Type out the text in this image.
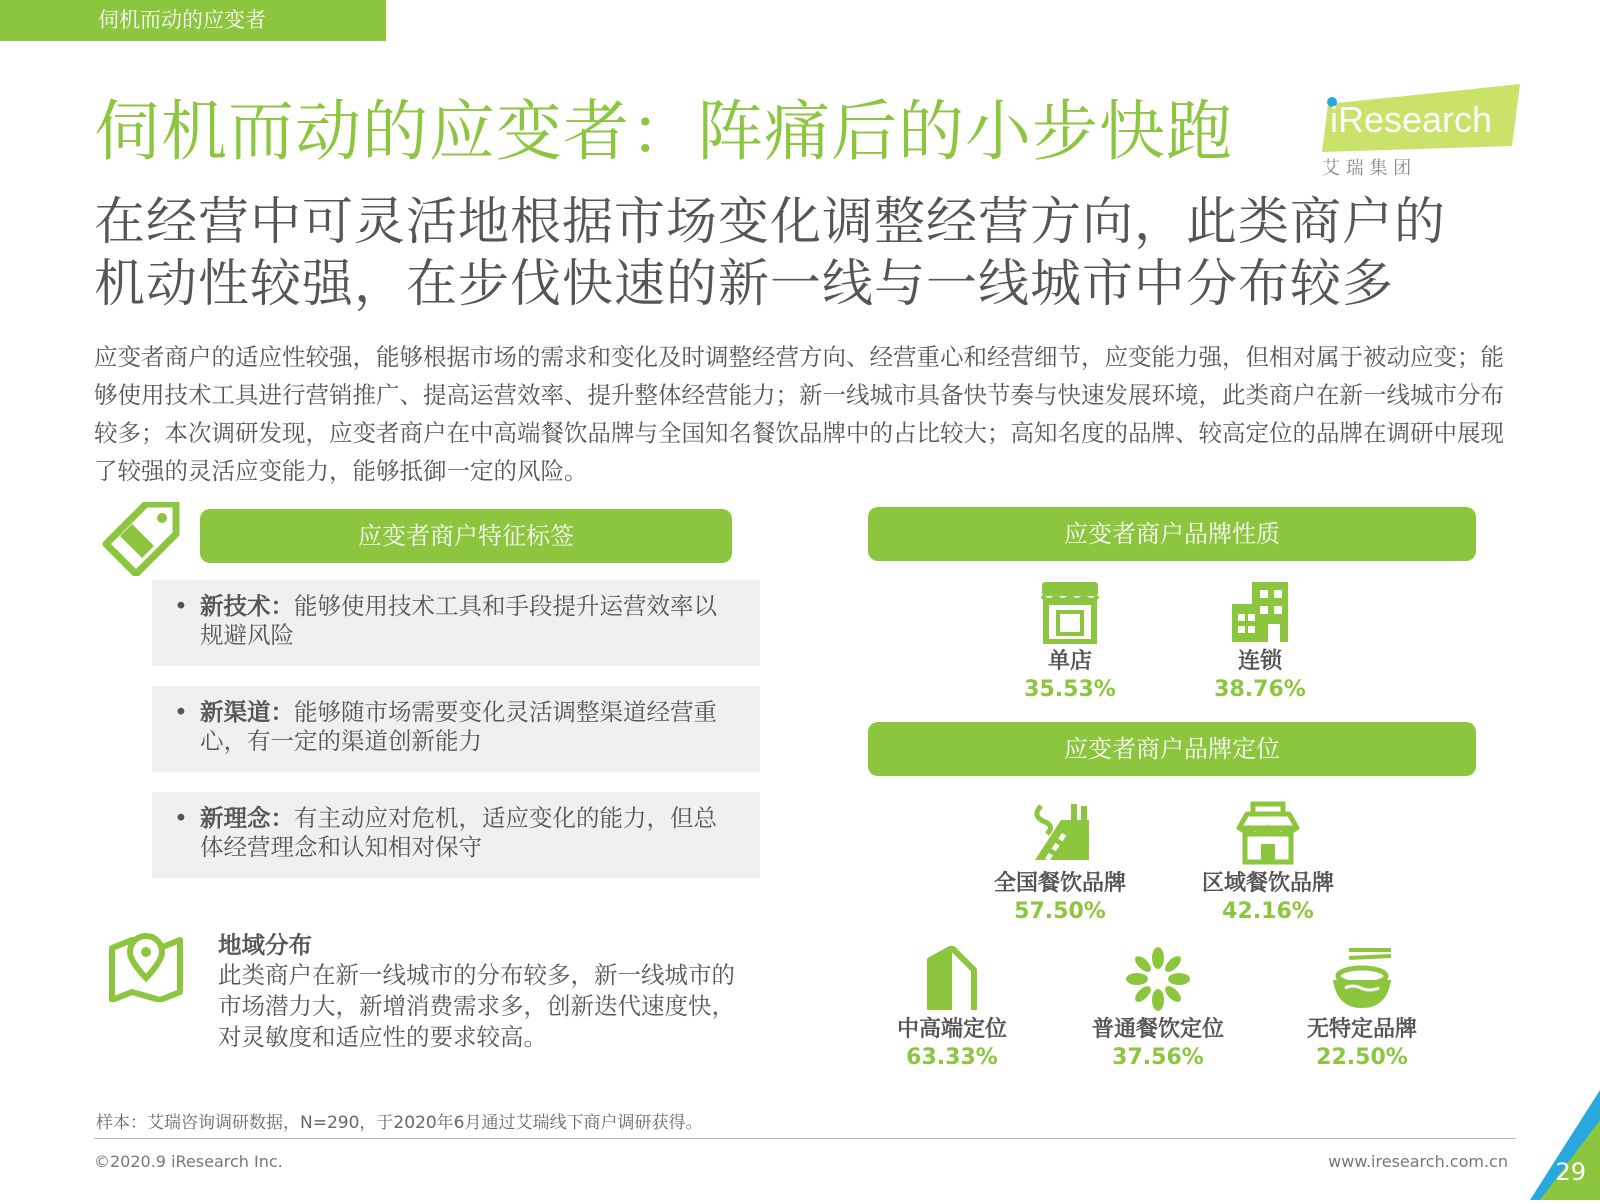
伺机而动的应变者
伺机而动的应变者：阵痛后的小步快跑	iResearch
艾 瑞 集 团
在经营中可灵活地根据市场变化调整经营方向，此类商户的
机动性较强，在步伐快速的新一线与一线城市中分布较多
应变者商户的适应性较强，能够根据市场的需求和变化及时调整经营方向、经营重心和经营细节，应变能力强，但相对属于被动应变；能够使用技术工具进行营销推广、提高运营效率、提升整体经营能力；新一线城市具备快节奏与快速发展环境，此类商户在新一线城市分布较多；本次调研发现，应变者商户在中高端餐饮品牌与全国知名餐饮品牌中的占比较大；高知名度的品牌、较高定位的品牌在调研中展现了较强的灵活应变能力，能够抵御一定的风险。
应变者商户特征标签
• 新技术：能够使用技术工具和手段提升运营效率以规避风险
• 新渠道：能够随市场需要变化灵活调整渠道经营重心，有一定的渠道创新能力
• 新理念：有主动应对危机，适应变化的能力，但总体经营理念和认知相对保守
地域分布
此类商户在新一线城市的分布较多，新一线城市的市场潜力大，新增消费需求多，创新迭代速度快，对灵敏度和适应性的要求较高。
应变者商户品牌性质
单店
35.53%
连锁
38.76%
应变者商户品牌定位
全国餐饮品牌
57.50%
区域餐饮品牌
42.16%
中高端定位
63.33%
普通餐饮定位
37.56%
无特定品牌
22.50%
样本：艾瑞咨询调研数据，N=290，于2020年6月通过艾瑞线下商户调研获得。
©2020.9 iResearch Inc.	www.iresearch.com.cn 29
